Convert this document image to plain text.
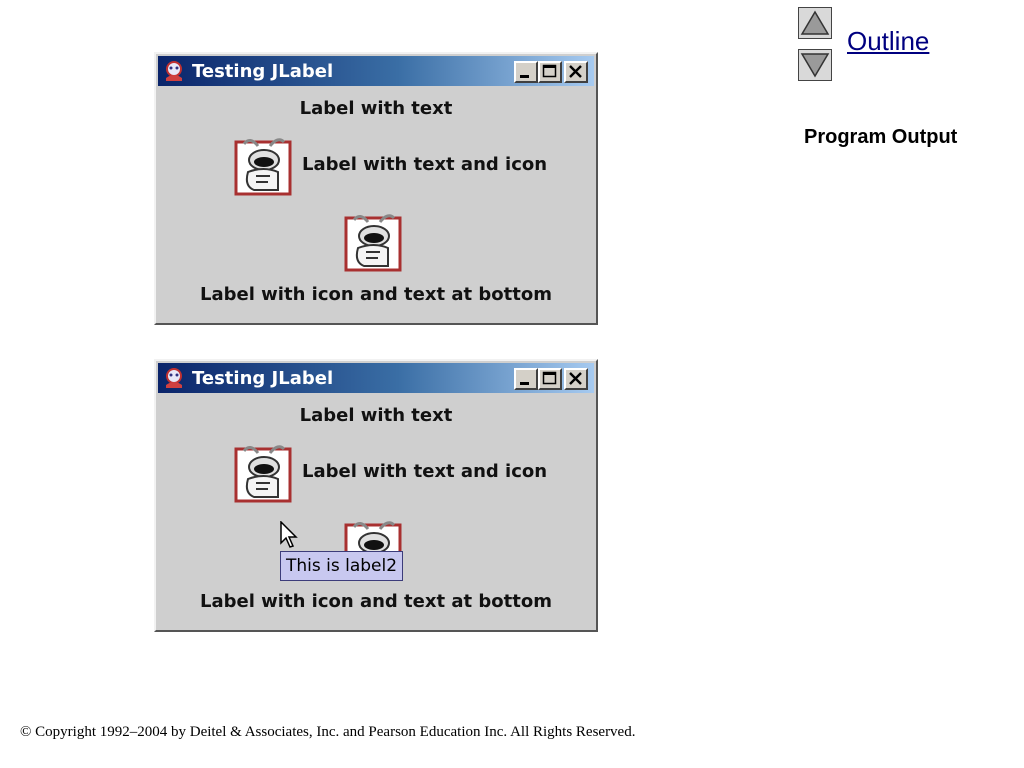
Outline
Program Output
Testing JLabel
Label with text
Label with text and icon
Label with icon and text at bottom
Testing JLabel
Label with text
Label with text and icon
Label with icon and text at bottom
This is label2
© Copyright 1992–2004 by Deitel & Associates, Inc. and Pearson Education Inc. All Rights Reserved.
